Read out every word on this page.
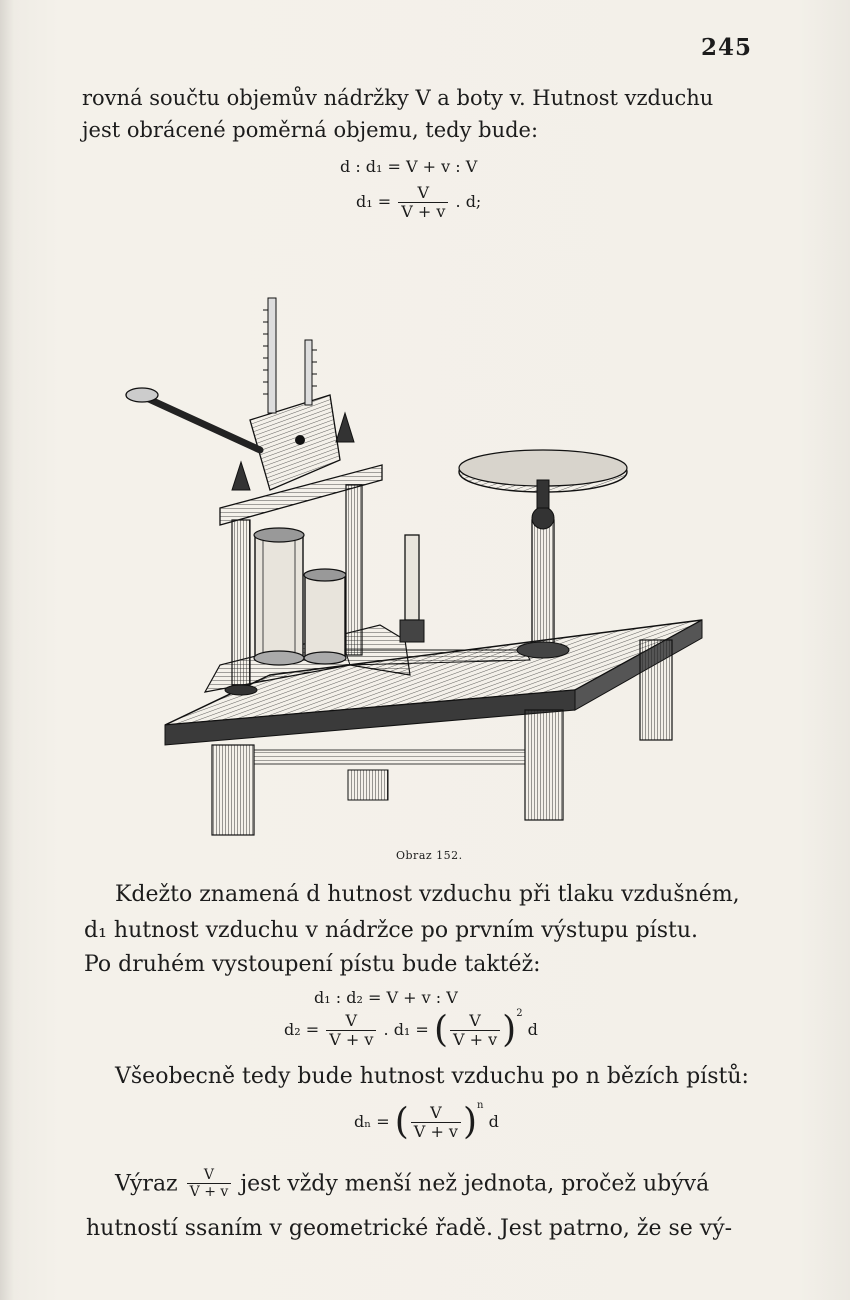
245
rovná součtu objemův nádržky V a boty v. Hutnost vzduchu
jest obrácené poměrná objemu, tedy bude:
d : d₁ = V + v : V
$d_1 = \frac{V}{V + v}$ . d;
Obraz 152.
Kdežto znamená d hutnost vzduchu při tlaku vzdušném,
d₁ hutnost vzduchu v nádržce po prvním výstupu pístu.
Po druhém vystoupení pístu bude taktéž:
d₁ : d₂ = V + v : V
$d_2 = \frac{V}{V + v}$ . d₁ = ( $\frac{V}{V + v} )^2$ d
Všeobecně tedy bude hutnost vzduchu po n bězích pístů:
dₙ = ( $\frac{V}{V + v} )^n$ d
Výraz $\frac{V}{V + v}$ jest vždy menší než jednota, pročež ubývá
hutností ssaním v geometrické řadě. Jest patrno, že se vý-
